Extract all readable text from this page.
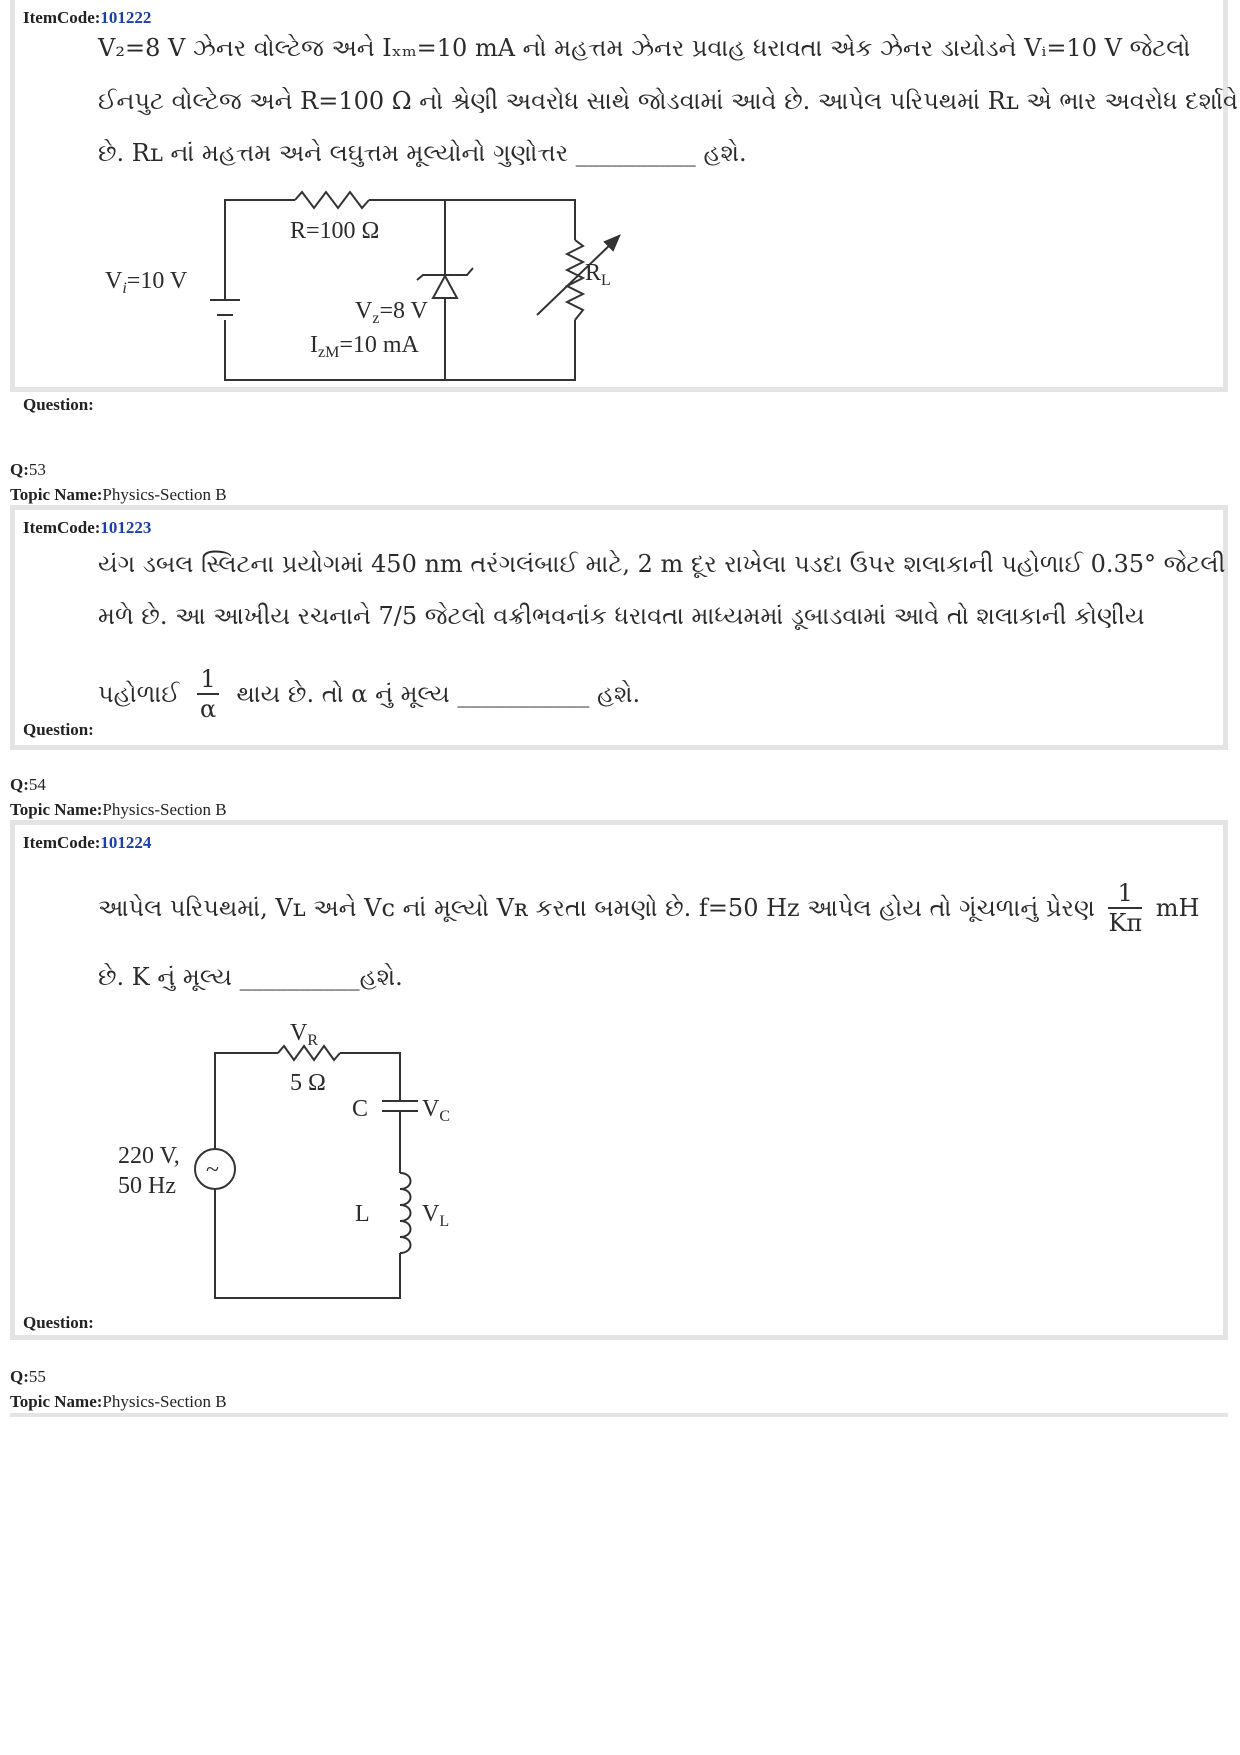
ItemCode:101222
V₂=8 V ઝેનર વોલ્ટેજ અને Iₓₘ=10 mA નો મહત્તમ ઝેનર પ્રવાહ ધરાવતા એક ઝેનર ડાયોડને Vᵢ=10 V જેટલો
ઈનપુટ વોલ્ટેજ અને R=100 Ω નો શ્રેણી અવરોધ સાથે જોડવામાં આવે છે. આપેલ પરિપથમાં Rʟ એ ભાર અવરોધ દર્શાવે
છે. Rʟ નાં મહત્તમ અને લઘુત્તમ મૂલ્યોનો ગુણોત્તર __________ હશે.
R=100 Ω
$V_i=10$ V
$V_z=8$ V
$I_{zM}=10$ mA
$R_L$
Question:
Q:53
Topic Name:Physics-Section B
ItemCode:101223
યંગ ડબલ સ્લિટના પ્રયોગમાં 450 nm તરંગલંબાઈ માટે, 2 m દૂર રાખેલા પડદા ઉપર શલાકાની પહોળાઈ 0.35° જેટલી
મળે છે. આ આખીય રચનાને 7/5 જેટલો વક્રીભવનાંક ધરાવતા માધ્યમમાં ડૂબાડવામાં આવે તો શલાકાની કોણીય
પહોળાઈ $\frac{1}{\alpha}$ થાય છે. તો α નું મૂલ્ય ___________ હશે.
Question:
Q:54
Topic Name:Physics-Section B
ItemCode:101224
આપેલ પરિપથમાં, Vʟ અને Vᴄ નાં મૂલ્યો Vʀ કરતા બમણો છે. f=50 Hz આપેલ હોય તો ગૂંચળાનું પ્રેરણ $\frac{1}{K\pi}$ mH
છે. K નું મૂલ્ય __________હશે.
$V_R$
5 Ω
C $V_C$
L $V_L$
220 V,
50 Hz
~
Question:
Q:55
Topic Name:Physics-Section B
